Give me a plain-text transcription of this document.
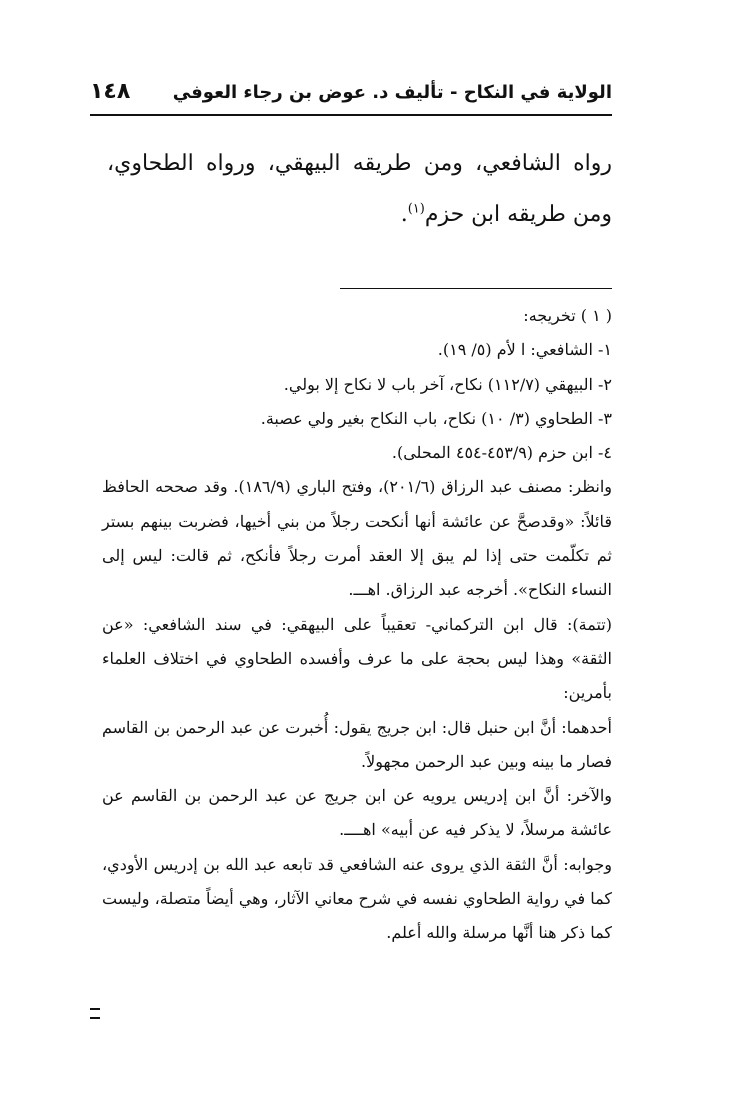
الولاية في النكاح - تأليف د. عوض بن رجاء العوفي
١٤٨
رواه الشافعي، ومن طريقه البيهقي، ورواه الطحاوي، ومن طريقه ابن حزم$^{(١)}$.

( ١ ) تخريجه:

١- الشافعي: ا لأم (٥/ ١٩).

٢- البيهقي (١١٢/٧) نكاح، آخر باب لا نكاح إلا بولي.

٣- الطحاوي (٣/ ١٠) نكاح، باب النكاح بغير ولي عصبة.

٤- ابن حزم (٤٥٣/٩-٤٥٤ المحلى).

وانظر: مصنف عبد الرزاق (٢٠١/٦)، وفتح الباري (١٨٦/٩). وقد صححه الحافظ قائلاً: «وقدصحَّ عن عائشة أنها أنكحت رجلاً من بني أخيها، فضربت بينهم بستر ثم تكلّمت حتى إذا لم يبق إلا العقد أمرت رجلاً فأنكح، ثم قالت: ليس إلى النساء النكاح». أخرجه عبد الرزاق. اهـــ.

(تتمة): قال ابن التركماني- تعقيباً على البيهقي: في سند الشافعي: «عن الثقة» وهذا ليس بحجة على ما عرف وأفسده الطحاوي في اختلاف العلماء بأمرين:

أحدهما: أنَّ ابن حنبل قال: ابن جريج يقول: أُخبرت عن عبد الرحمن بن القاسم فصار ما بينه وبين عبد الرحمن مجهولاً.

والآخر: أنَّ ابن إدريس يرويه عن ابن جريج عن عبد الرحمن بن القاسم عن عائشة مرسلاً، لا يذكر فيه عن أبيه» اهــــ.

وجوابه: أنَّ الثقة الذي يروى عنه الشافعي قد تابعه عبد الله بن إدريس الأودي، كما في رواية الطحاوي نفسه في شرح معاني الآثار، وهي أيضاً متصلة، وليست كما ذكر هنا أنَّها مرسلة والله أعلم.
